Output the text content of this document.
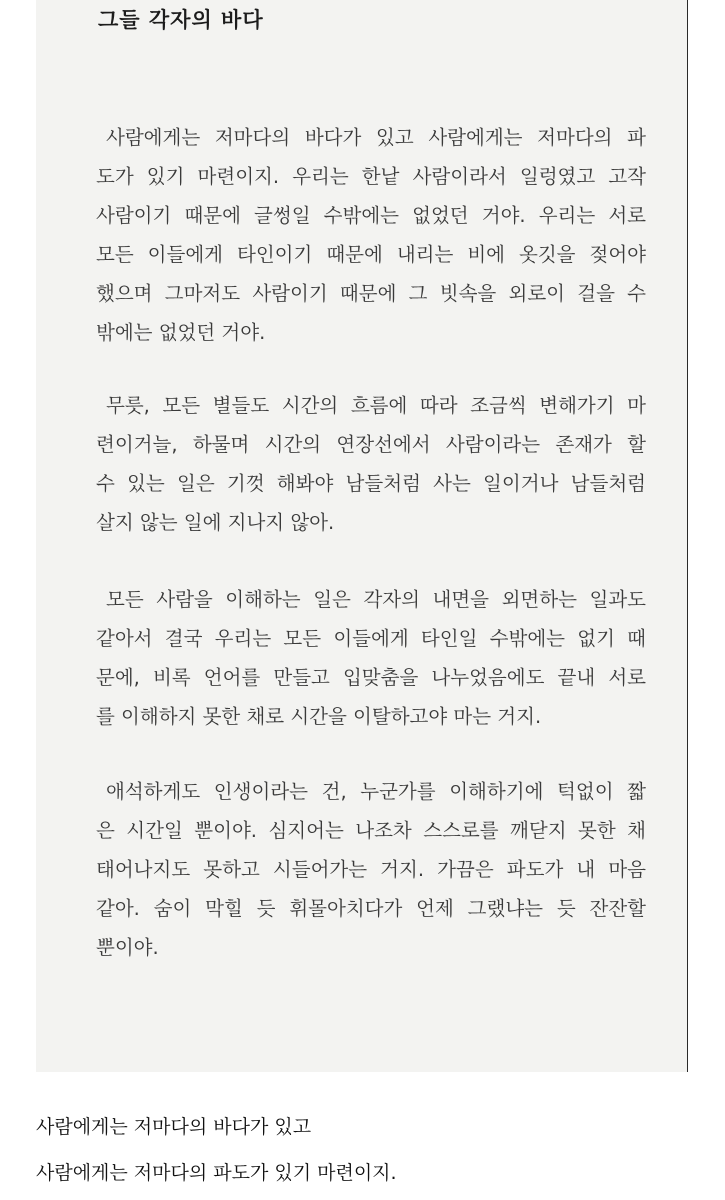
그들 각자의 바다
사람에게는 저마다의 바다가 있고 사람에게는 저마다의 파
도가 있기 마련이지. 우리는 한낱 사람이라서 일렁였고 고작
사람이기 때문에 글썽일 수밖에는 없었던 거야. 우리는 서로
모든 이들에게 타인이기 때문에 내리는 비에 옷깃을 젖어야
했으며 그마저도 사람이기 때문에 그 빗속을 외로이 걸을 수
밖에는 없었던 거야.
무릇, 모든 별들도 시간의 흐름에 따라 조금씩 변해가기 마
련이거늘, 하물며 시간의 연장선에서 사람이라는 존재가 할
수 있는 일은 기껏 해봐야 남들처럼 사는 일이거나 남들처럼
살지 않는 일에 지나지 않아.
모든 사람을 이해하는 일은 각자의 내면을 외면하는 일과도
같아서 결국 우리는 모든 이들에게 타인일 수밖에는 없기 때
문에, 비록 언어를 만들고 입맞춤을 나누었음에도 끝내 서로
를 이해하지 못한 채로 시간을 이탈하고야 마는 거지.
애석하게도 인생이라는 건, 누군가를 이해하기에 턱없이 짧
은 시간일 뿐이야. 심지어는 나조차 스스로를 깨닫지 못한 채
태어나지도 못하고 시들어가는 거지. 가끔은 파도가 내 마음
같아. 숨이 막힐 듯 휘몰아치다가 언제 그랬냐는 듯 잔잔할
뿐이야.
사람에게는 저마다의 바다가 있고
사람에게는 저마다의 파도가 있기 마련이지.
